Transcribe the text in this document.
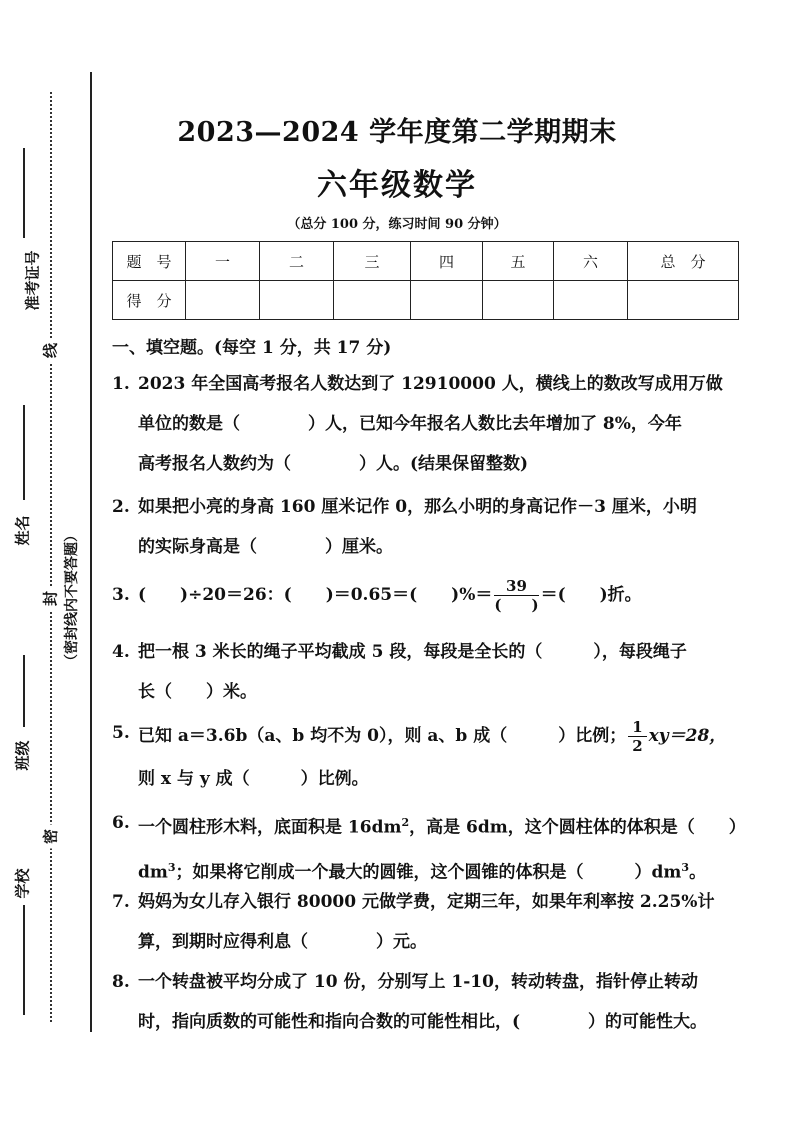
准考证号
姓名
班级
学校
线
封
密
（密封线内不要答题）
2023—2024 学年度第二学期期末
六年级数学
（总分 100 分，练习时间 90 分钟）
题　号	一	二	三	四	五	六	总　分
得　分							
一、填空题。(每空 1 分，共 17 分)
1. 2023 年全国高考报名人数达到了 12910000 人，横线上的数改写成用万做
单位的数是（　　　　）人，已知今年报名人数比去年增加了 8%，今年
高考报名人数约为（　　　　）人。(结果保留整数)
2. 如果把小亮的身高 160 厘米记作 0，那么小明的身高记作－3 厘米，小明
的实际身高是（　　　　）厘米。
3. (　　)÷20＝26：(　　)＝0.65＝(　　)%＝ $\frac{39}{( )}$ ＝(　　)折。
4. 把一根 3 米长的绳子平均截成 5 段，每段是全长的（　　　），每段绳子
长（　　）米。
5. 已知 a＝3.6b（a、b 均不为 0），则 a、b 成（　　　）比例； $\frac{1}{2} xy=28$，
则 x 与 y 成（　　　）比例。
6. 一个圆柱形木料，底面积是 $16dm^2$，高是 6dm，这个圆柱体的体积是（　　）
$dm^3$；如果将它削成一个最大的圆锥，这个圆锥的体积是（　　　）$dm^3$。
7. 妈妈为女儿存入银行 80000 元做学费，定期三年，如果年利率按 2.25%计
算，到期时应得利息（　　　　）元。
8. 一个转盘被平均分成了 10 份，分别写上 1-10，转动转盘，指针停止转动
时，指向质数的可能性和指向合数的可能性相比，(　　　　）的可能性大。
